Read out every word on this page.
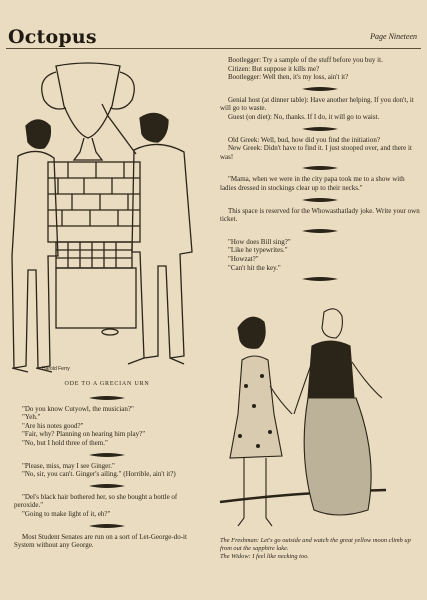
Octopus	Page Nineteen
Harold Ferry
ODE TO A GRECIAN URN

"Do you know Cutyowl, the musician?"

"Yeh."

"Are his notes good?"

"Fair, why? Planning on hearing him play?"

"No, but I hold three of them."

"Please, miss, may I see Ginger."

"No, sir, you can't. Ginger's ailing." (Horrible, ain't it?)

"Del's black hair bothered her, so she bought a bottle of peroxide."

"Going to make light of it, eh?"

Most Student Senates are run on a sort of Let-George-do-it System without any George.

Bootlegger: Try a sample of the stuff before you buy it.

Citizen: But suppose it kills me?

Bootlegger: Well then, it's my loss, ain't it?

Genial host (at dinner table): Have another helping. If you don't, it will go to waste.

Guest (on diet): No, thanks. If I do, it will go to waist.

Old Greek: Well, bud, how did you find the initiation?

New Greek: Didn't have to find it. I just stooped over, and there it was!

"Mama, when we were in the city papa took me to a show with ladies dressed in stockings clear up to their necks."

This space is reserved for the Whowasthatlady joke. Write your own ticket.

"How does Bill sing?"

"Like he typewrites."

"Howzat?"

"Can't hit the key."

The Freshman: Let's go outside and watch the great yellow moon climb up from out the sapphire lake.

The Widow: I feel like necking too.
